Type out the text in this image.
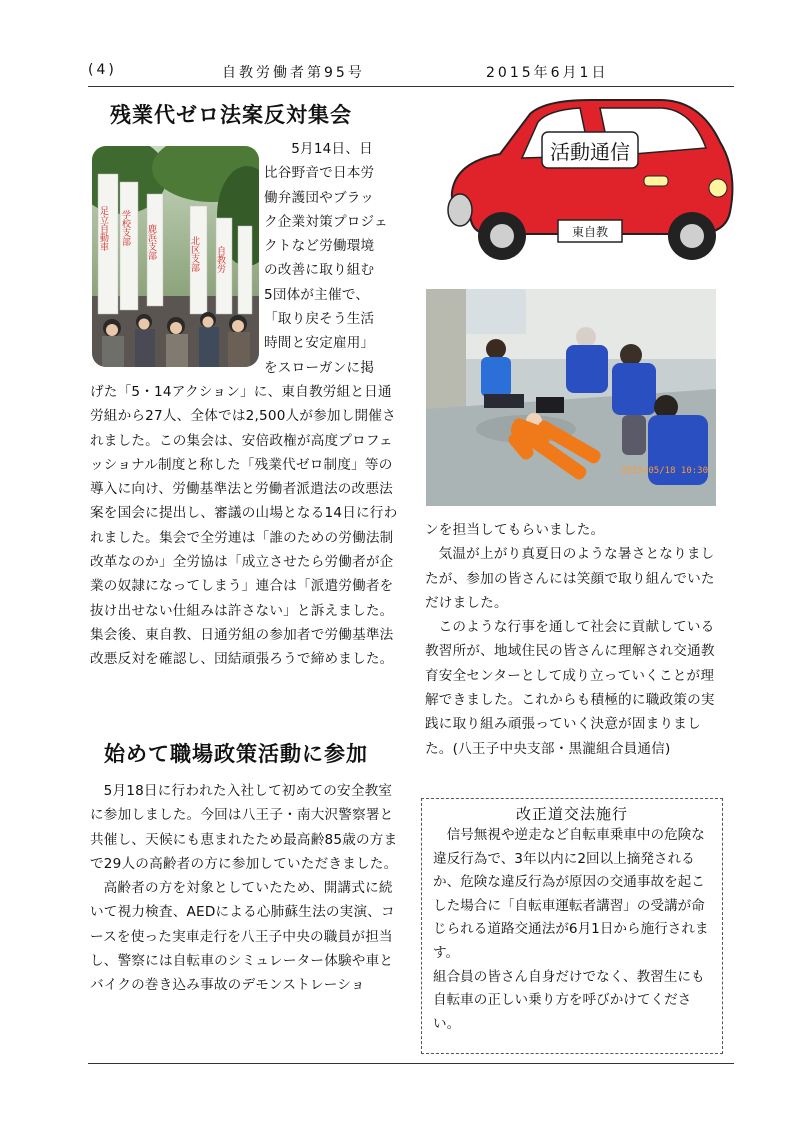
(4)	自教労働者第95号	2015年6月1日
残業代ゼロ法案反対集会
足立自動車 学校支部 鹿浜支部	北区支部 自教労

5月14日、日

比谷野音で日本労

働弁護団やブラッ

ク企業対策プロジェ

クトなど労働環境

の改善に取り組む

5団体が主催で、

「取り戻そう生活

時間と安定雇用」

をスローガンに掲

げた「5・14アクション」に、東自教労組と日通労組から27人、全体では2,500人が参加し開催されました。この集会は、安倍政権が高度プロフェッショナル制度と称した「残業代ゼロ制度」等の導入に向け、労働基準法と労働者派遣法の改悪法案を国会に提出し、審議の山場となる14日に行われました。集会で全労連は「誰のための労働法制改革なのか」全労協は「成立させたら労働者が企業の奴隷になってしまう」連合は「派遣労働者を抜け出せない仕組みは許さない」と訴えました。集会後、東自教、日通労組の参加者で労働基準法改悪反対を確認し、団結頑張ろうで締めました。

始めて職場政策活動に参加

5月18日に行われた入社して初めての安全教室に参加しました。今回は八王子・南大沢警察署と共催し、天候にも恵まれたため最高齢85歳の方まで29人の高齢者の方に参加していただきました。

高齢者の方を対象としていたため、開講式に続いて視力検査、AEDによる心肺蘇生法の実演、コースを使った実車走行を八王子中央の職員が担当し、警察には自転車のシミュレーター体験や車とバイクの巻き込み事故のデモンストレーショ

活動通信
東自教
2015/05/18 10:30

ンを担当してもらいました。

気温が上がり真夏日のような暑さとなりましたが、参加の皆さんには笑顔で取り組んでいただけました。

このような行事を通して社会に貢献している教習所が、地域住民の皆さんに理解され交通教育安全センターとして成り立っていくことが理解できました。これからも積極的に職政策の実践に取り組み頑張っていく決意が固まりました。(八王子中央支部・黒瀧組合員通信)

改正道交法施行

信号無視や逆走など自転車乗車中の危険な違反行為で、3年以内に2回以上摘発されるか、危険な違反行為が原因の交通事故を起こした場合に「自転車運転者講習」の受講が命じられる道路交通法が6月1日から施行されます。

組合員の皆さん自身だけでなく、教習生にも自転車の正しい乗り方を呼びかけてください。
